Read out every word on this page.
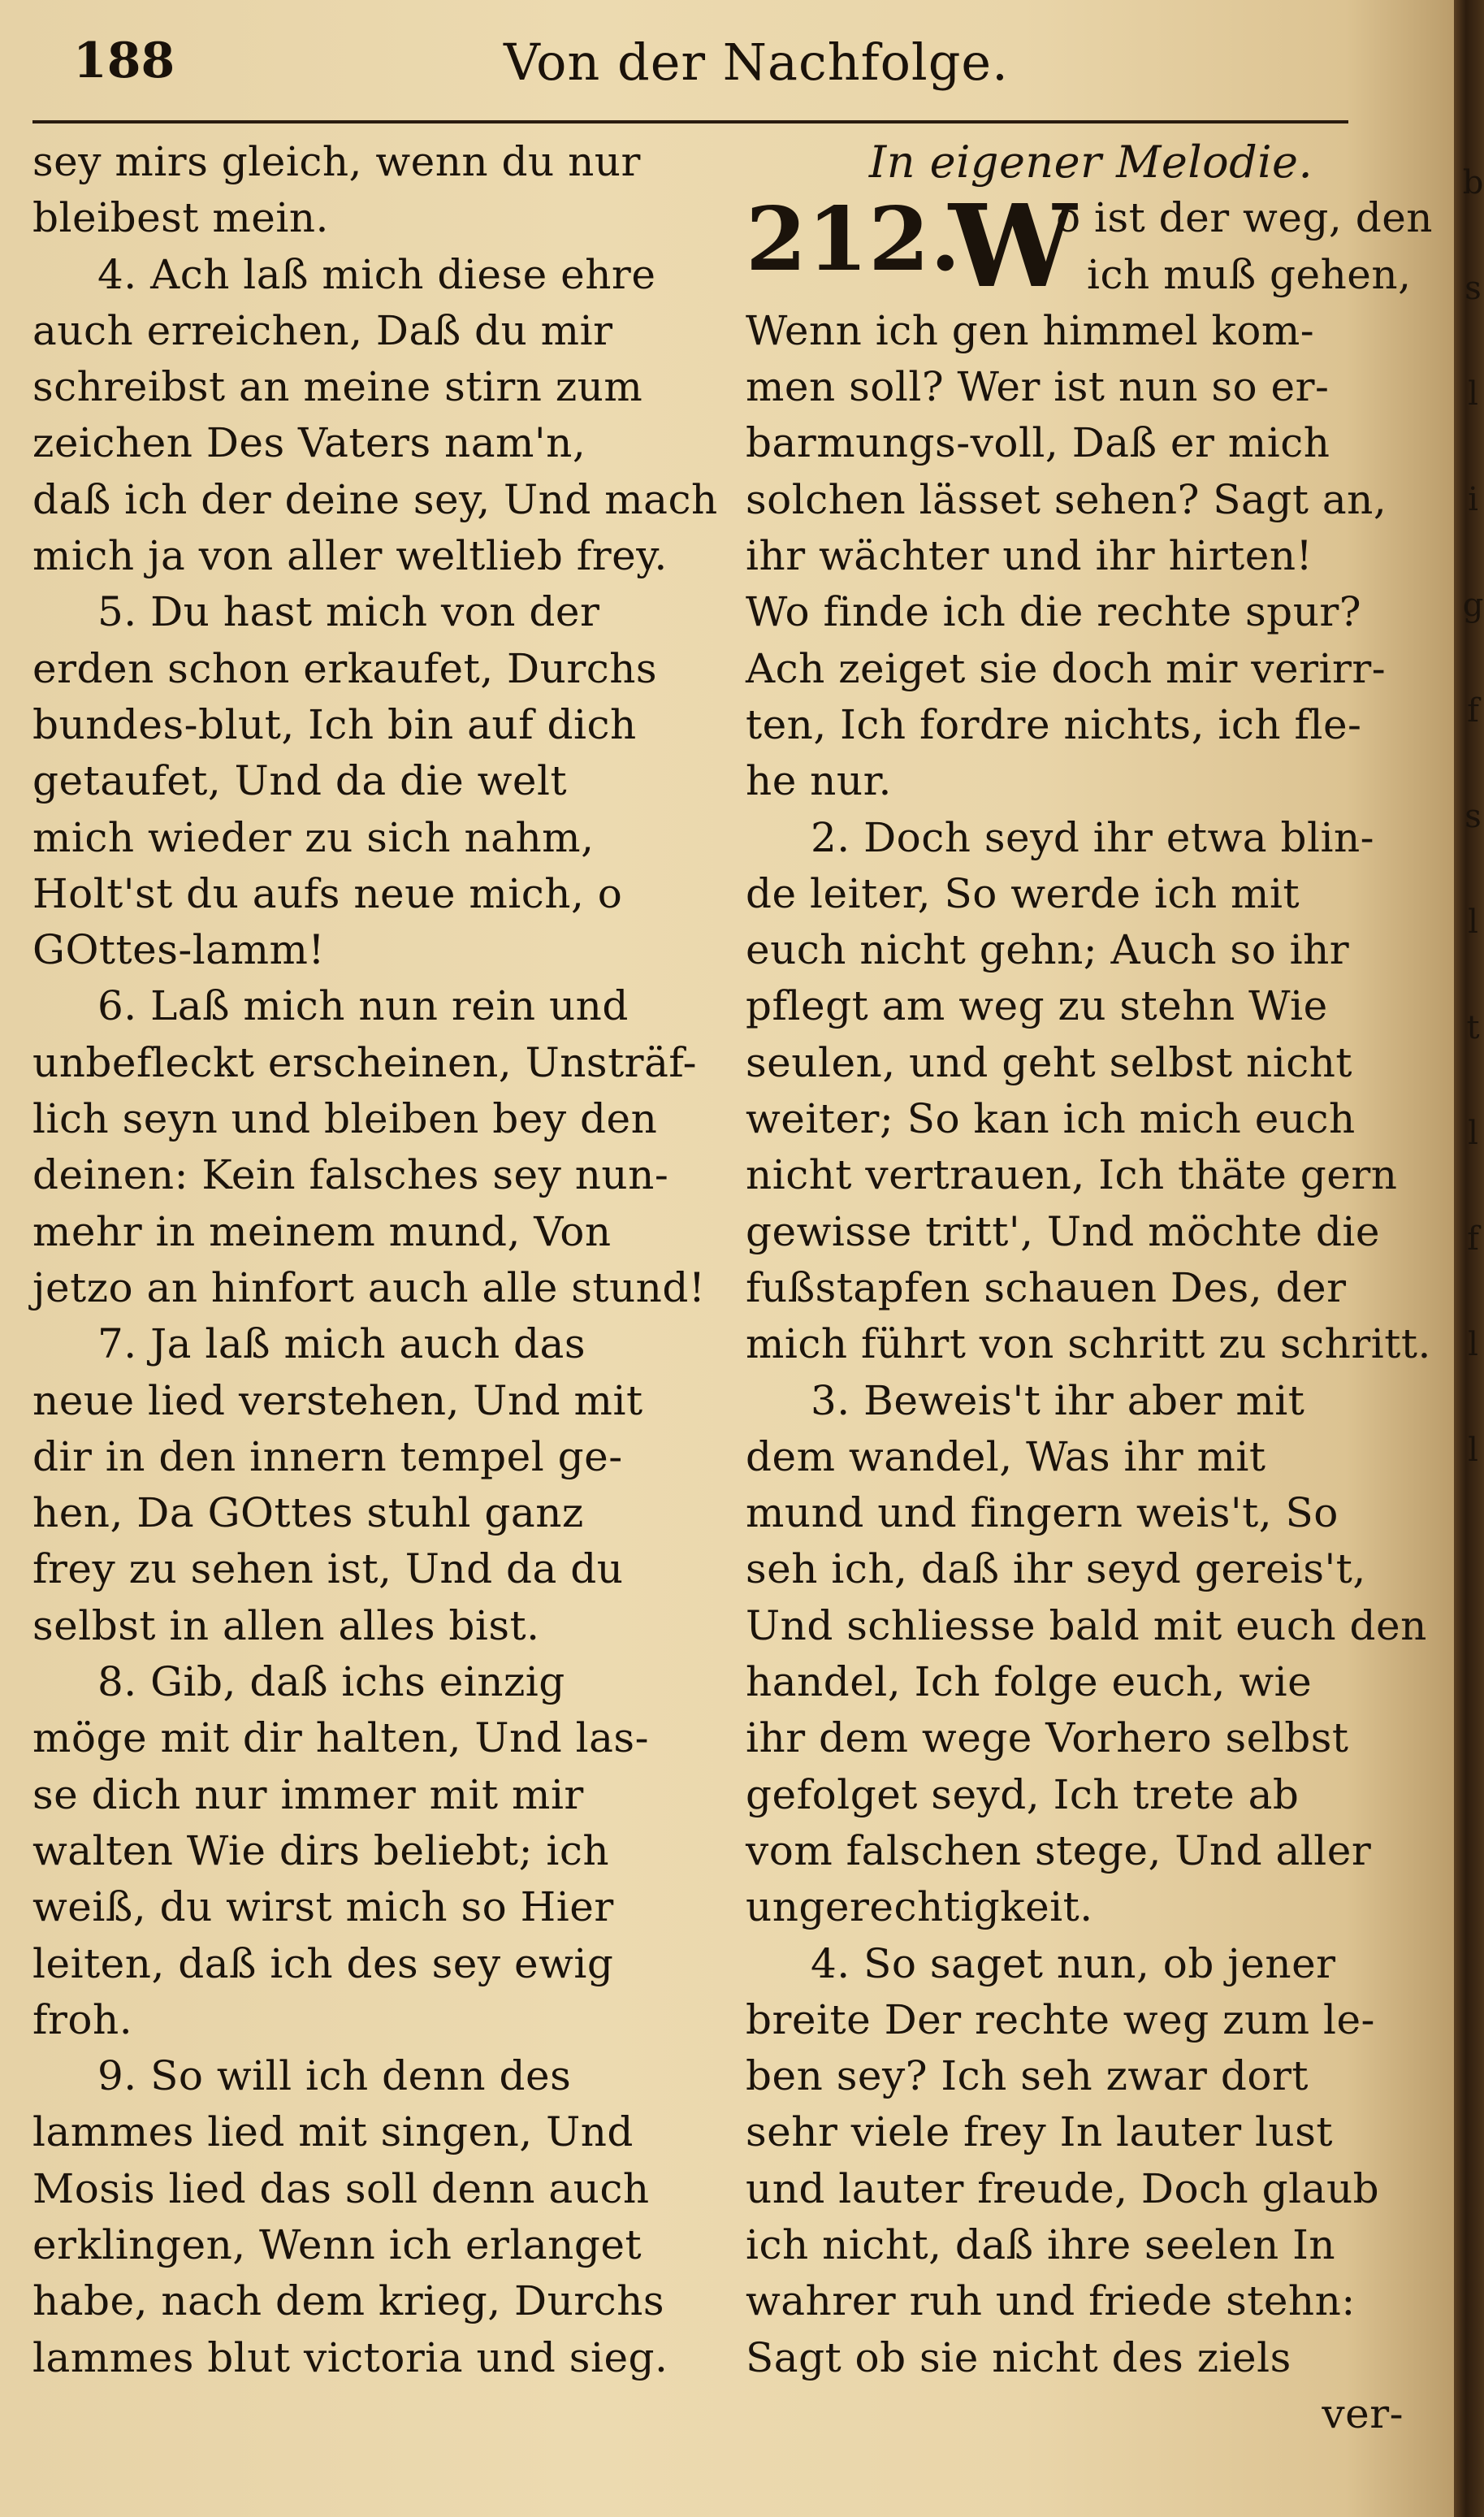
188	Von der Nachfolge.
sey mirs gleich, wenn du nur
bleibest mein.
4. Ach laß mich diese ehre
auch erreichen, Daß du mir
schreibst an meine stirn zum
zeichen Des Vaters nam'n,
daß ich der deine sey, Und mach
mich ja von aller weltlieb frey.
5. Du hast mich von der
erden schon erkaufet, Durchs
bundes-blut, Ich bin auf dich
getaufet, Und da die welt
mich wieder zu sich nahm,
Holt'st du aufs neue mich, o
GOttes-lamm!
6. Laß mich nun rein und
unbefleckt erscheinen, Unsträf-
lich seyn und bleiben bey den
deinen: Kein falsches sey nun-
mehr in meinem mund, Von
jetzo an hinfort auch alle stund!
7. Ja laß mich auch das
neue lied verstehen, Und mit
dir in den innern tempel ge-
hen, Da GOttes stuhl ganz
frey zu sehen ist, Und da du
selbst in allen alles bist.
8. Gib, daß ichs einzig
möge mit dir halten, Und las-
se dich nur immer mit mir
walten Wie dirs beliebt; ich
weiß, du wirst mich so Hier
leiten, daß ich des sey ewig
froh.
9. So will ich denn des
lammes lied mit singen, Und
Mosis lied das soll denn auch
erklingen, Wenn ich erlanget
habe, nach dem krieg, Durchs
lammes blut victoria und sieg.
In eigener Melodie.
212.
W
o ist der weg, den
ich muß gehen,
Wenn ich gen himmel kom-
men soll? Wer ist nun so er-
barmungs-voll, Daß er mich
solchen lässet sehen? Sagt an,
ihr wächter und ihr hirten!
Wo finde ich die rechte spur?
Ach zeiget sie doch mir verirr-
ten, Ich fordre nichts, ich fle-
he nur.
2. Doch seyd ihr etwa blin-
de leiter, So werde ich mit
euch nicht gehn; Auch so ihr
pflegt am weg zu stehn Wie
seulen, und geht selbst nicht
weiter; So kan ich mich euch
nicht vertrauen, Ich thäte gern
gewisse tritt', Und möchte die
fußstapfen schauen Des, der
mich führt von schritt zu schritt.
3. Beweis't ihr aber mit
dem wandel, Was ihr mit
mund und fingern weis't, So
seh ich, daß ihr seyd gereis't,
Und schliesse bald mit euch den
handel, Ich folge euch, wie
ihr dem wege Vorhero selbst
gefolget seyd, Ich trete ab
vom falschen stege, Und aller
ungerechtigkeit.
4. So saget nun, ob jener
breite Der rechte weg zum le-
ben sey? Ich seh zwar dort
sehr viele frey In lauter lust
und lauter freude, Doch glaub
ich nicht, daß ihre seelen In
wahrer ruh und friede stehn:
Sagt ob sie nicht des ziels
ver-
b
s
l
i
g
f
s
l
t
l
f
l
l
